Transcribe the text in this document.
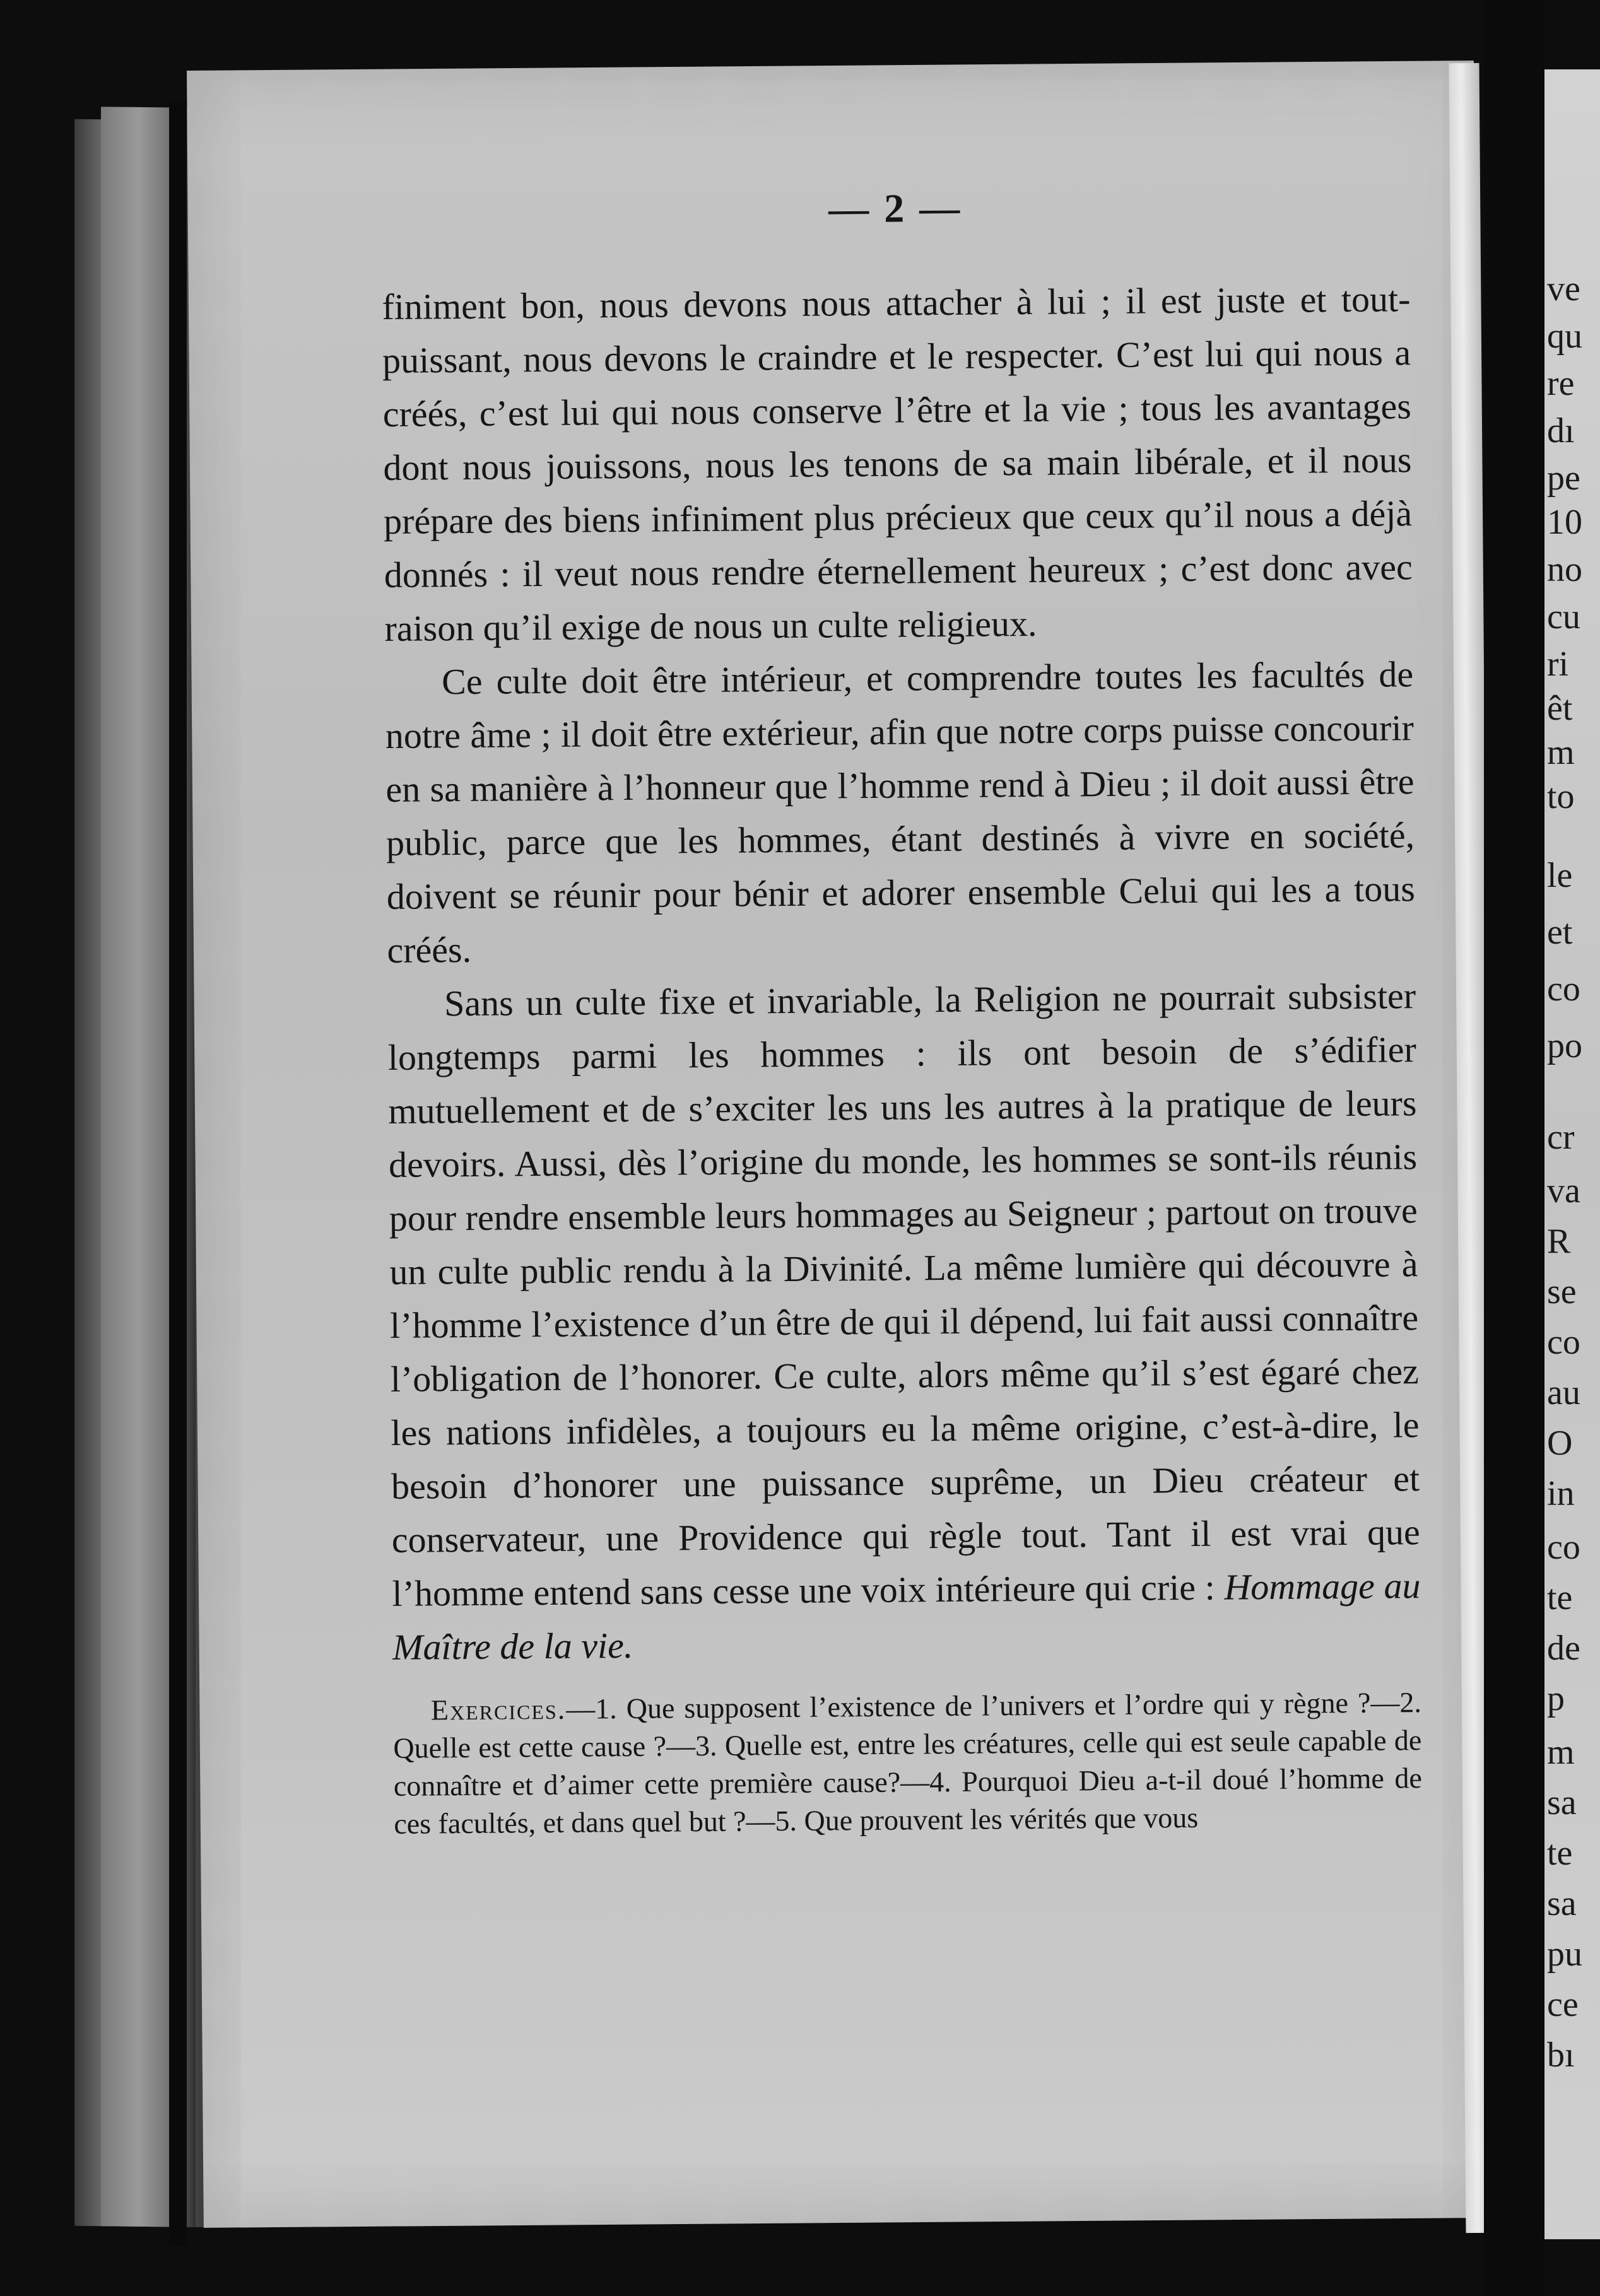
ve
qu
re
dı
pe
10
no
cu
ri
êt
m
to
le
et
co
po
cr
va
R
se
co
au
O
in
co
te
de
p
m
sa
te
sa
pu
ce
bı
— 2 —

finiment bon, nous devons nous attacher à lui ; il est juste et tout-puissant, nous devons le craindre et le respecter. C’est lui qui nous a créés, c’est lui qui nous conserve l’être et la vie ; tous les avantages dont nous jouissons, nous les tenons de sa main libérale, et il nous prépare des biens infiniment plus précieux que ceux qu’il nous a déjà donnés : il veut nous rendre éternellement heureux ; c’est donc avec raison qu’il exige de nous un culte religieux.

Ce culte doit être intérieur, et comprendre toutes les facultés de notre âme ; il doit être extérieur, afin que notre corps puisse concourir en sa manière à l’honneur que l’homme rend à Dieu ; il doit aussi être public, parce que les hommes, étant destinés à vivre en société, doivent se réunir pour bénir et adorer ensemble Celui qui les a tous créés.

Sans un culte fixe et invariable, la Religion ne pourrait subsister longtemps parmi les hommes : ils ont besoin de s’édifier mutuellement et de s’exciter les uns les autres à la pratique de leurs devoirs. Aussi, dès l’origine du monde, les hommes se sont-ils réunis pour rendre ensemble leurs hommages au Seigneur ; partout on trouve un culte public rendu à la Divinité. La même lumière qui découvre à l’homme l’existence d’un être de qui il dépend, lui fait aussi connaître l’obligation de l’honorer. Ce culte, alors même qu’il s’est égaré chez les nations infidèles, a toujours eu la même origine, c’est-à-dire, le besoin d’honorer une puissance suprême, un Dieu créateur et conservateur, une Providence qui règle tout. Tant il est vrai que l’homme entend sans cesse une voix intérieure qui crie : Hommage au Maître de la vie.

Exercices.—1. Que supposent l’existence de l’univers et l’ordre qui y règne ?—2. Quelle est cette cause ?—3. Quelle est, entre les créatures, celle qui est seule capable de connaître et d’aimer cette première cause?—4. Pourquoi Dieu a-t-il doué l’homme de ces facultés, et dans quel but ?—5. Que prouvent les vérités que vous
